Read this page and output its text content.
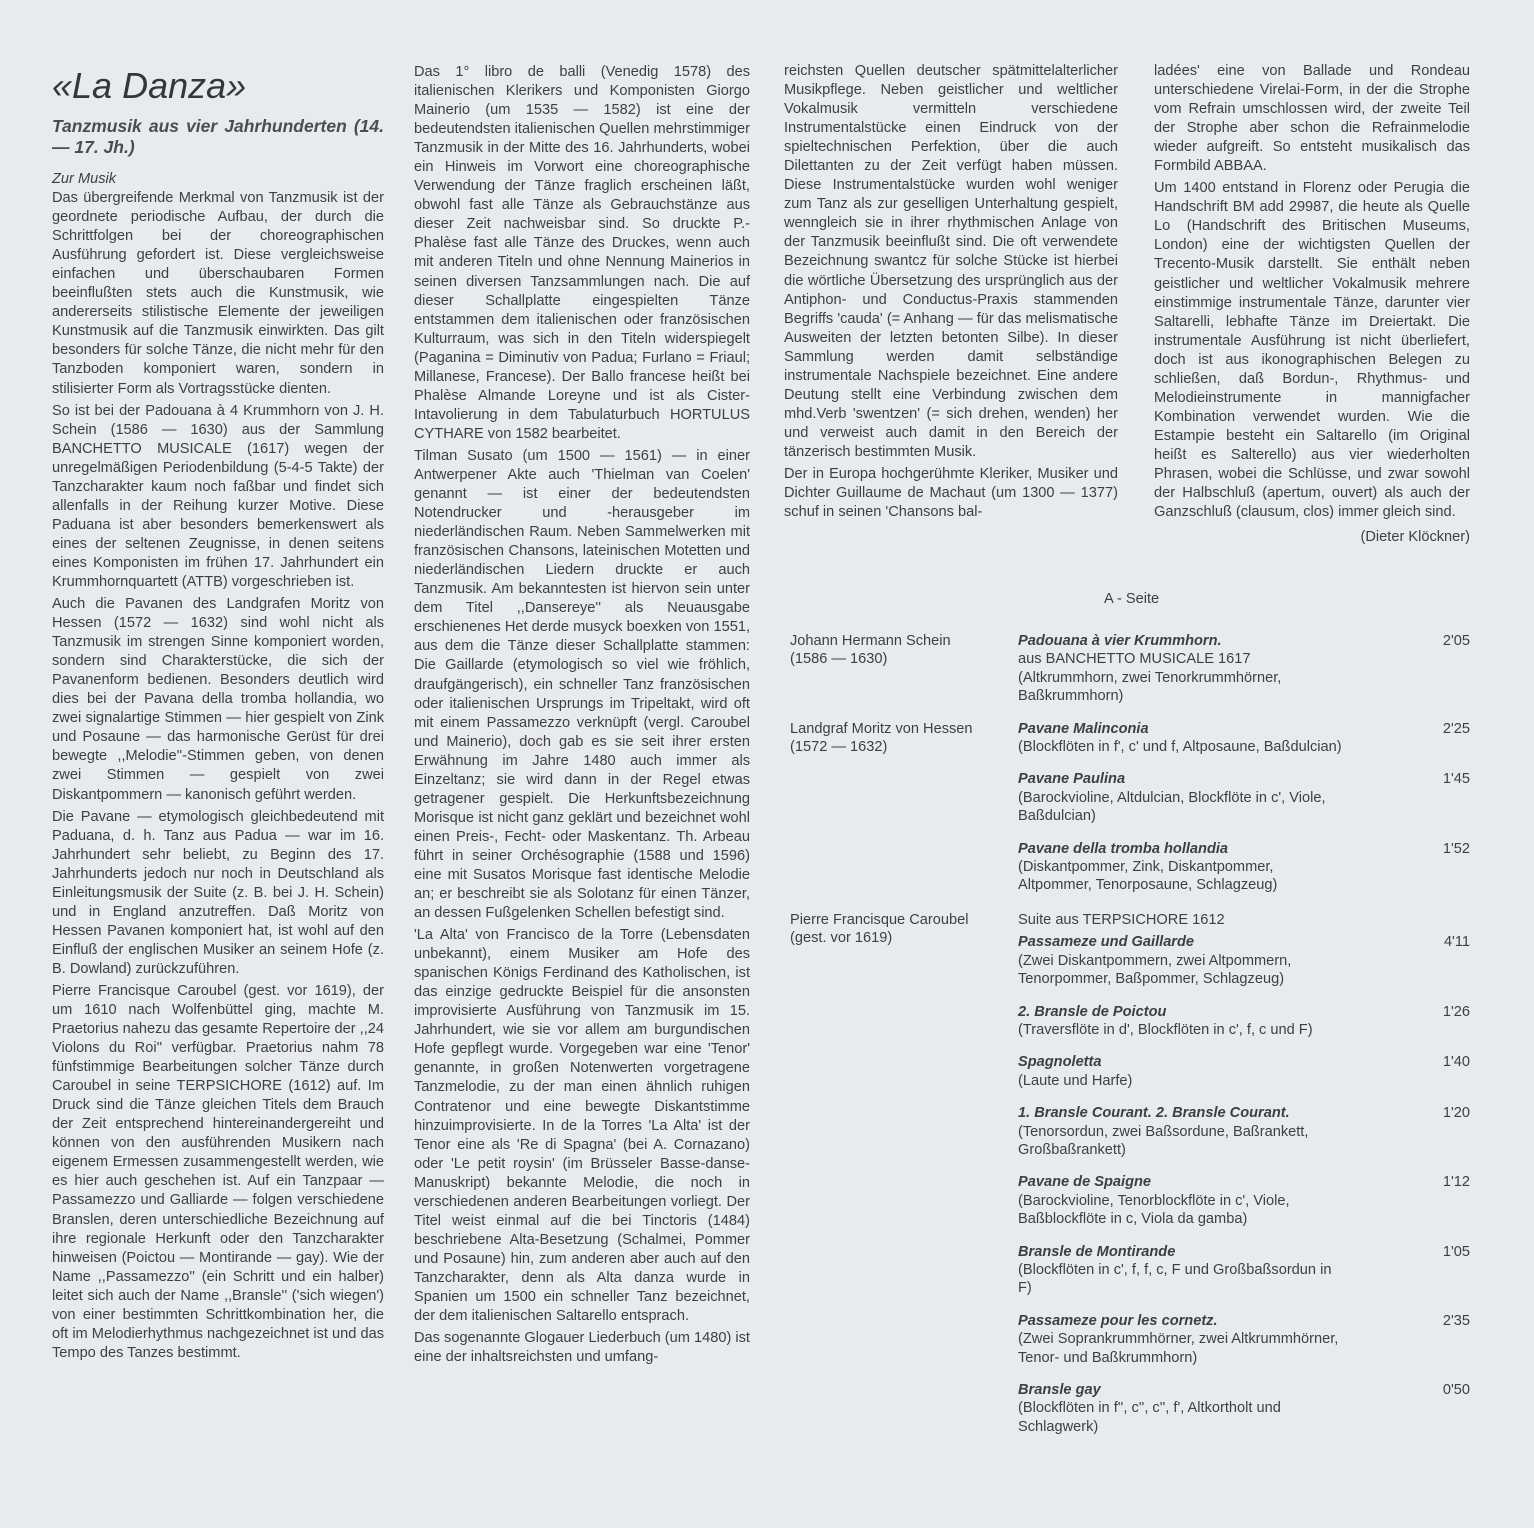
«La Danza»
Tanzmusik aus vier Jahrhunderten (14. — 17. Jh.)
Zur Musik

Das übergreifende Merkmal von Tanzmusik ist der geordnete periodische Aufbau, der durch die Schrittfolgen bei der choreographischen Ausführung gefordert ist. Diese vergleichsweise einfachen und überschaubaren Formen beeinflußten stets auch die Kunstmusik, wie andererseits stilistische Elemente der jeweiligen Kunstmusik auf die Tanzmusik einwirkten. Das gilt besonders für solche Tänze, die nicht mehr für den Tanzboden komponiert waren, sondern in stilisierter Form als Vortragsstücke dienten.

So ist bei der Padouana à 4 Krummhorn von J. H. Schein (1586 — 1630) aus der Sammlung BANCHETTO MUSICALE (1617) wegen der unregelmäßigen Periodenbildung (5-4-5 Takte) der Tanzcharakter kaum noch faßbar und findet sich allenfalls in der Reihung kurzer Motive. Diese Paduana ist aber besonders bemerkenswert als eines der seltenen Zeugnisse, in denen seitens eines Komponisten im frühen 17. Jahrhundert ein Krummhornquartett (ATTB) vorgeschrieben ist.

Auch die Pavanen des Landgrafen Moritz von Hessen (1572 — 1632) sind wohl nicht als Tanzmusik im strengen Sinne komponiert worden, sondern sind Charakterstücke, die sich der Pavanenform bedienen. Besonders deutlich wird dies bei der Pavana della tromba hollandia, wo zwei signalartige Stimmen — hier gespielt von Zink und Posaune — das harmonische Gerüst für drei bewegte ,,Melodie''-Stimmen geben, von denen zwei Stimmen — gespielt von zwei Diskantpommern — kanonisch geführt werden.

Die Pavane — etymologisch gleichbedeutend mit Paduana, d. h. Tanz aus Padua — war im 16. Jahrhundert sehr beliebt, zu Beginn des 17. Jahrhunderts jedoch nur noch in Deutschland als Einleitungsmusik der Suite (z. B. bei J. H. Schein) und in England anzutreffen. Daß Moritz von Hessen Pavanen komponiert hat, ist wohl auf den Einfluß der englischen Musiker an seinem Hofe (z. B. Dowland) zurückzuführen.

Pierre Francisque Caroubel (gest. vor 1619), der um 1610 nach Wolfenbüttel ging, machte M. Praetorius nahezu das gesamte Repertoire der ,,24 Violons du Roi'' verfügbar. Praetorius nahm 78 fünfstimmige Bearbeitungen solcher Tänze durch Caroubel in seine TERPSICHORE (1612) auf. Im Druck sind die Tänze gleichen Titels dem Brauch der Zeit entsprechend hintereinandergereiht und können von den ausführenden Musikern nach eigenem Ermessen zusammengestellt werden, wie es hier auch geschehen ist. Auf ein Tanzpaar — Passamezzo und Galliarde — folgen verschiedene Branslen, deren unterschiedliche Bezeichnung auf ihre regionale Herkunft oder den Tanzcharakter hinweisen (Poictou — Montirande — gay). Wie der Name ,,Passamezzo'' (ein Schritt und ein halber) leitet sich auch der Name ,,Bransle'' ('sich wiegen') von einer bestimmten Schrittkombination her, die oft im Melodierhythmus nachgezeichnet ist und das Tempo des Tanzes bestimmt.

Das 1° libro de balli (Venedig 1578) des italienischen Klerikers und Komponisten Giorgo Mainerio (um 1535 — 1582) ist eine der bedeutendsten italienischen Quellen mehrstimmiger Tanzmusik in der Mitte des 16. Jahrhunderts, wobei ein Hinweis im Vorwort eine choreographische Verwendung der Tänze fraglich erscheinen läßt, obwohl fast alle Tänze als Gebrauchstänze aus dieser Zeit nachweisbar sind. So druckte P.-Phalèse fast alle Tänze des Druckes, wenn auch mit anderen Titeln und ohne Nennung Mainerios in seinen diversen Tanzsammlungen nach. Die auf dieser Schallplatte eingespielten Tänze entstammen dem italienischen oder französischen Kulturraum, was sich in den Titeln widerspiegelt (Paganina = Diminutiv von Padua; Furlano = Friaul; Millanese, Francese). Der Ballo francese heißt bei Phalèse Almande Loreyne und ist als Cister-Intavolierung in dem Tabulaturbuch HORTULUS CYTHARE von 1582 bearbeitet.

Tilman Susato (um 1500 — 1561) — in einer Antwerpener Akte auch 'Thielman van Coelen' genannt — ist einer der bedeutendsten Notendrucker und -herausgeber im niederländischen Raum. Neben Sammelwerken mit französischen Chansons, lateinischen Motetten und niederländischen Liedern druckte er auch Tanzmusik. Am bekanntesten ist hiervon sein unter dem Titel ,,Dansereye'' als Neuausgabe erschienenes Het derde musyck boexken von 1551, aus dem die Tänze dieser Schallplatte stammen: Die Gaillarde (etymologisch so viel wie fröhlich, draufgängerisch), ein schneller Tanz französischen oder italienischen Ursprungs im Tripeltakt, wird oft mit einem Passamezzo verknüpft (vergl. Caroubel und Mainerio), doch gab es sie seit ihrer ersten Erwähnung im Jahre 1480 auch immer als Einzeltanz; sie wird dann in der Regel etwas getragener gespielt. Die Herkunftsbezeichnung Morisque ist nicht ganz geklärt und bezeichnet wohl einen Preis-, Fecht- oder Maskentanz. Th. Arbeau führt in seiner Orchésographie (1588 und 1596) eine mit Susatos Morisque fast identische Melodie an; er beschreibt sie als Solotanz für einen Tänzer, an dessen Fußgelenken Schellen befestigt sind.

'La Alta' von Francisco de la Torre (Lebensdaten unbekannt), einem Musiker am Hofe des spanischen Königs Ferdinand des Katholischen, ist das einzige gedruckte Beispiel für die ansonsten improvisierte Ausführung von Tanzmusik im 15. Jahrhundert, wie sie vor allem am burgundischen Hofe gepflegt wurde. Vorgegeben war eine 'Tenor' genannte, in großen Notenwerten vorgetragene Tanzmelodie, zu der man einen ähnlich ruhigen Contratenor und eine bewegte Diskantstimme hinzuimprovisierte. In de la Torres 'La Alta' ist der Tenor eine als 'Re di Spagna' (bei A. Cornazano) oder 'Le petit roysin' (im Brüsseler Basse-danse-Manuskript) bekannte Melodie, die noch in verschiedenen anderen Bearbeitungen vorliegt. Der Titel weist einmal auf die bei Tinctoris (1484) beschriebene Alta-Besetzung (Schalmei, Pommer und Posaune) hin, zum anderen aber auch auf den Tanzcharakter, denn als Alta danza wurde in Spanien um 1500 ein schneller Tanz bezeichnet, der dem italienischen Saltarello entsprach.

Das sogenannte Glogauer Liederbuch (um 1480) ist eine der inhaltsreichsten und umfang-

reichsten Quellen deutscher spätmittelalterlicher Musikpflege. Neben geistlicher und weltlicher Vokalmusik vermitteln verschiedene Instrumentalstücke einen Eindruck von der spieltechnischen Perfektion, über die auch Dilettanten zu der Zeit verfügt haben müssen. Diese Instrumentalstücke wurden wohl weniger zum Tanz als zur geselligen Unterhaltung gespielt, wenngleich sie in ihrer rhythmischen Anlage von der Tanzmusik beeinflußt sind. Die oft verwendete Bezeichnung swantcz für solche Stücke ist hierbei die wörtliche Übersetzung des ursprünglich aus der Antiphon- und Conductus-Praxis stammenden Begriffs 'cauda' (= Anhang — für das melismatische Ausweiten der letzten betonten Silbe). In dieser Sammlung werden damit selbständige instrumentale Nachspiele bezeichnet. Eine andere Deutung stellt eine Verbindung zwischen dem mhd.Verb 'swentzen' (= sich drehen, wenden) her und verweist auch damit in den Bereich der tänzerisch bestimmten Musik.

Der in Europa hochgerühmte Kleriker, Musiker und Dichter Guillaume de Machaut (um 1300 — 1377) schuf in seinen 'Chansons bal-

ladées' eine von Ballade und Rondeau unterschiedene Virelai-Form, in der die Strophe vom Refrain umschlossen wird, der zweite Teil der Strophe aber schon die Refrainmelodie wieder aufgreift. So entsteht musikalisch das Formbild ABBAA.

Um 1400 entstand in Florenz oder Perugia die Handschrift BM add 29987, die heute als Quelle Lo (Handschrift des Britischen Museums, London) eine der wichtigsten Quellen der Trecento-Musik darstellt. Sie enthält neben geistlicher und weltlicher Vokalmusik mehrere einstimmige instrumentale Tänze, darunter vier Saltarelli, lebhafte Tänze im Dreiertakt. Die instrumentale Ausführung ist nicht überliefert, doch ist aus ikonographischen Belegen zu schließen, daß Bordun-, Rhythmus- und Melodieinstrumente in mannigfacher Kombination verwendet wurden. Wie die Estampie besteht ein Saltarello (im Original heißt es Salterello) aus vier wiederholten Phrasen, wobei die Schlüsse, und zwar sowohl der Halbschluß (apertum, ouvert) als auch der Ganzschluß (clausum, clos) immer gleich sind.

(Dieter Klöckner)

A - Seite
Johann Hermann Schein (1586 — 1630)
Padouana à vier Krummhorn.
aus BANCHETTO MUSICALE 1617 (Altkrummhorn, zwei Tenorkrummhörner, Baßkrummhorn)
2'05
Landgraf Moritz von Hessen (1572 — 1632)
Pavane Malinconia
(Blockflöten in f', c' und f, Altposaune, Baßdulcian)
2'25
Pavane Paulina
(Barockvioline, Altdulcian, Blockflöte in c', Viole, Baßdulcian)
1'45
Pavane della tromba hollandia
(Diskantpommer, Zink, Diskantpommer, Altpommer, Tenorposaune, Schlagzeug)
1'52
Pierre Francisque Caroubel (gest. vor 1619)
Suite aus TERPSICHORE 1612
Passameze und Gaillarde
(Zwei Diskantpommern, zwei Altpommern, Tenorpommer, Baßpommer, Schlagzeug)
4'11
2. Bransle de Poictou
(Traversflöte in d', Blockflöten in c', f, c und F)
1'26
Spagnoletta
(Laute und Harfe)
1'40
1. Bransle Courant. 2. Bransle Courant.
(Tenorsordun, zwei Baßsordune, Baßrankett, Großbaßrankett)
1'20
Pavane de Spaigne
(Barockvioline, Tenorblockflöte in c', Viole, Baßblockflöte in c, Viola da gamba)
1'12
Bransle de Montirande
(Blockflöten in c', f, f, c, F und Großbaßsordun in F)
1'05
Passameze pour les cornetz.
(Zwei Soprankrummhörner, zwei Altkrummhörner, Tenor- und Baßkrummhorn)
2'35
Bransle gay
(Blockflöten in f'', c'', c'', f', Altkortholt und Schlagwerk)
0'50
